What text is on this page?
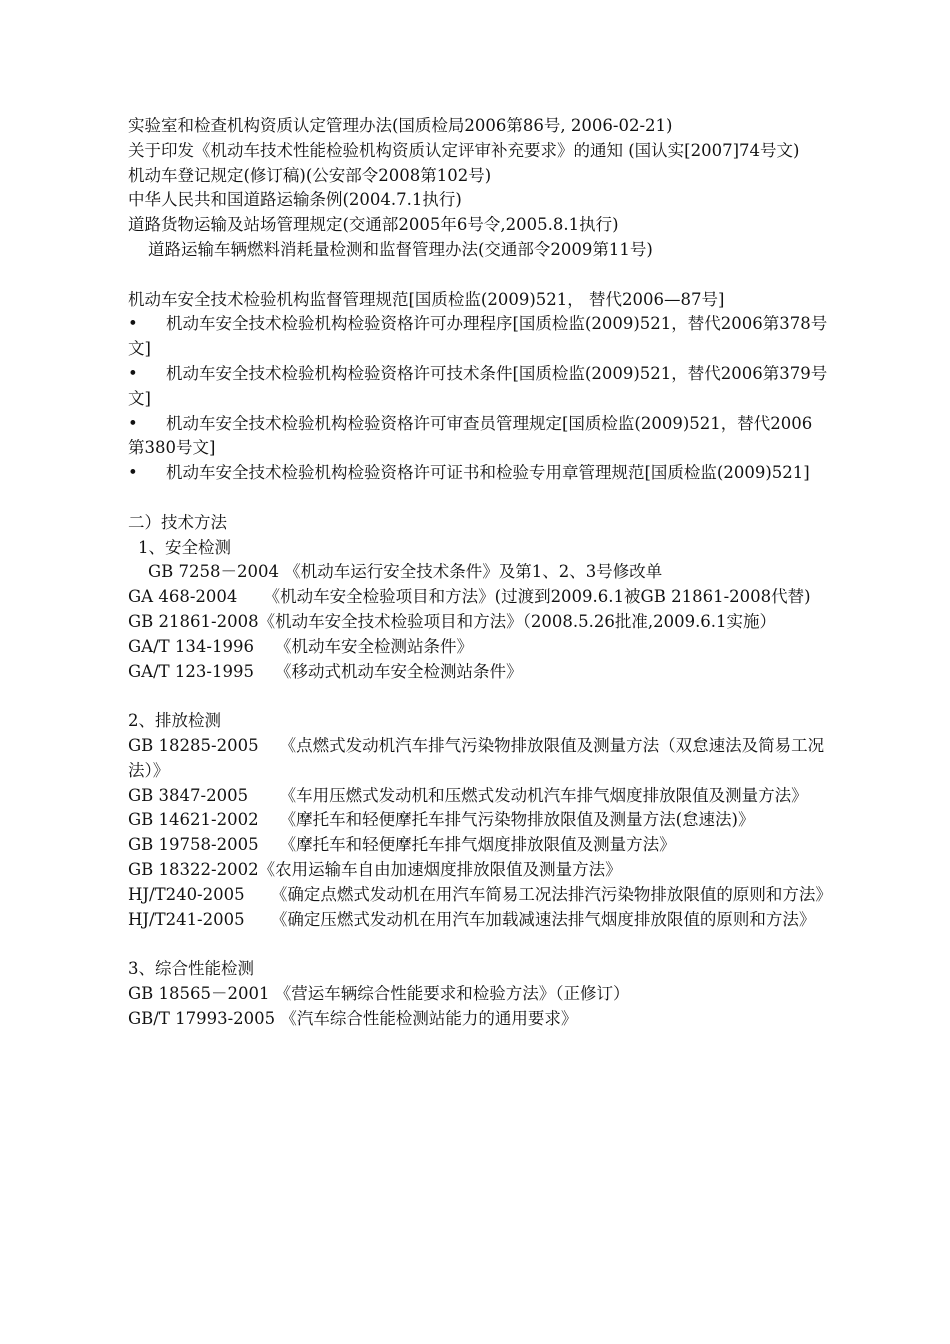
实验室和检查机构资质认定管理办法(国质检局2006第86号, 2006-02-21)
关于印发《机动车技术性能检验机构资质认定评审补充要求》的通知 (国认实[2007]74号文)
机动车登记规定(修订稿)(公安部令2008第102号)
中华人民共和国道路运输条例(2004.7.1执行)
道路货物运输及站场管理规定(交通部2005年6号令,2005.8.1执行)
道路运输车辆燃料消耗量检测和监督管理办法(交通部令2009第11号)
机动车安全技术检验机构监督管理规范[国质检监(2009)521， 替代2006—87号]
• 机动车安全技术检验机构检验资格许可办理程序[国质检监(2009)521，替代2006第378号文]
• 机动车安全技术检验机构检验资格许可技术条件[国质检监(2009)521，替代2006第379号文]
• 机动车安全技术检验机构检验资格许可审查员管理规定[国质检监(2009)521，替代2006第380号文]
• 机动车安全技术检验机构检验资格许可证书和检验专用章管理规范[国质检监(2009)521]
二）技术方法
1、安全检测
GB 7258－2004 《机动车运行安全技术条件》及第1、2、3号修改单
GA 468-2004     《机动车安全检验项目和方法》(过渡到2009.6.1被GB 21861-2008代替)
GB 21861-2008《机动车安全技术检验项目和方法》（2008.5.26批准,2009.6.1实施）
GA/T 134-1996    《机动车安全检测站条件》
GA/T 123-1995    《移动式机动车安全检测站条件》
2、排放检测
GB 18285-2005    《点燃式发动机汽车排气污染物排放限值及测量方法（双怠速法及简易工况法）》
GB 3847-2005      《车用压燃式发动机和压燃式发动机汽车排气烟度排放限值及测量方法》
GB 14621-2002    《摩托车和轻便摩托车排气污染物排放限值及测量方法(怠速法)》
GB 19758-2005    《摩托车和轻便摩托车排气烟度排放限值及测量方法》
GB 18322-2002《农用运输车自由加速烟度排放限值及测量方法》
HJ/T240-2005     《确定点燃式发动机在用汽车简易工况法排汽污染物排放限值的原则和方法》
HJ/T241-2005     《确定压燃式发动机在用汽车加载减速法排气烟度排放限值的原则和方法》
3、综合性能检测
GB 18565－2001 《营运车辆综合性能要求和检验方法》（正修订）
GB/T 17993-2005 《汽车综合性能检测站能力的通用要求》
